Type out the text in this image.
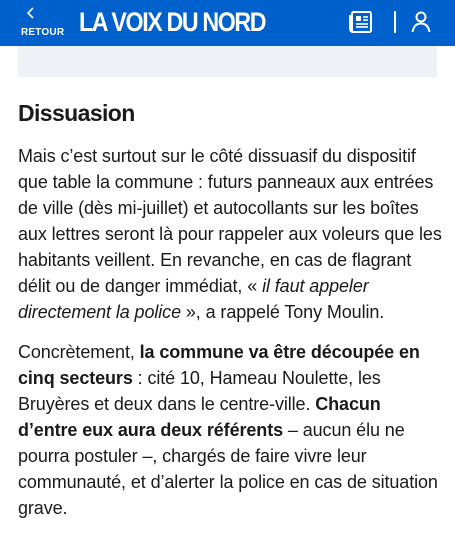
RETOUR LA VOIX DU NORD
Dissuasion

Mais c’est surtout sur le côté dissuasif du dispositif que table la commune : futurs panneaux aux entrées de ville (dès mi-juillet) et autocollants sur les boîtes aux lettres seront là pour rappeler aux voleurs que les habitants veillent. En revanche, en cas de flagrant délit ou de danger immédiat, « il faut appeler directement la police », a rappelé Tony Moulin.

Concrètement, la commune va être découpée en cinq secteurs : cité 10, Hameau Noulette, les Bruyères et deux dans le centre-ville. Chacun d’entre eux aura deux référents – aucun élu ne pourra postuler –, chargés de faire vivre leur communauté, et d’alerter la police en cas de situation grave.
